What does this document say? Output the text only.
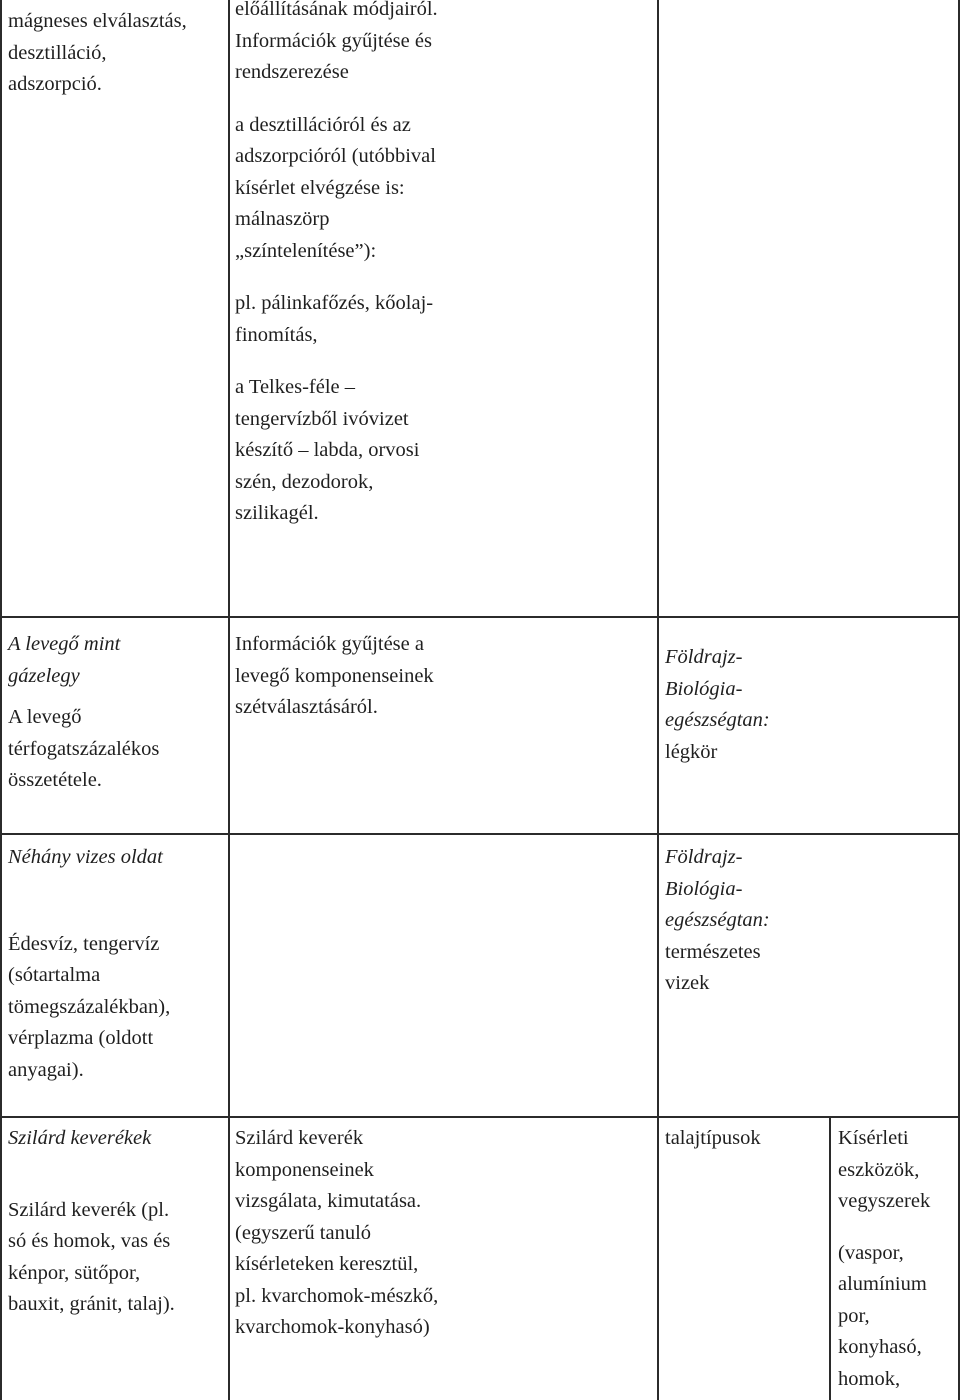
mágneses elválasztás,
desztilláció,
adszorpció.

előállításának módjairól.
Információk gyűjtése és
rendszerezése

a desztillációról és az
adszorpcióról (utóbbival
kísérlet elvégzése is:
málnaszörp
„színtelenítése”):

pl. pálinkafőzés, kőolaj-
finomítás,

a Telkes-féle –
tengervízből ivóvizet
készítő – labda, orvosi
szén, dezodorok,
szilikagél.

A levegő mint
gázelegy

A levegő
térfogatszázalékos
összetétele.

Információk gyűjtése a
levegő komponenseinek
szétválasztásáról.

Földrajz-
Biológia-
egészségtan:
légkör

Néhány vizes oldat

Édesvíz, tengervíz
(sótartalma
tömegszázalékban),
vérplazma (oldott
anyagai).

Földrajz-
Biológia-
egészségtan:
természetes
vizek

Szilárd keverékek

Szilárd keverék (pl.
só és homok, vas és
kénpor, sütőpor,
bauxit, gránit, talaj).

Szilárd keverék
komponenseinek
vizsgálata, kimutatása.
(egyszerű tanuló
kísérleteken keresztül,
pl. kvarchomok-mészkő,
kvarchomok-konyhasó)

talajtípusok	Kísérleti
eszközök,
vegyszerek

(vaspor,
alumínium
por,
konyhasó,
homok,
